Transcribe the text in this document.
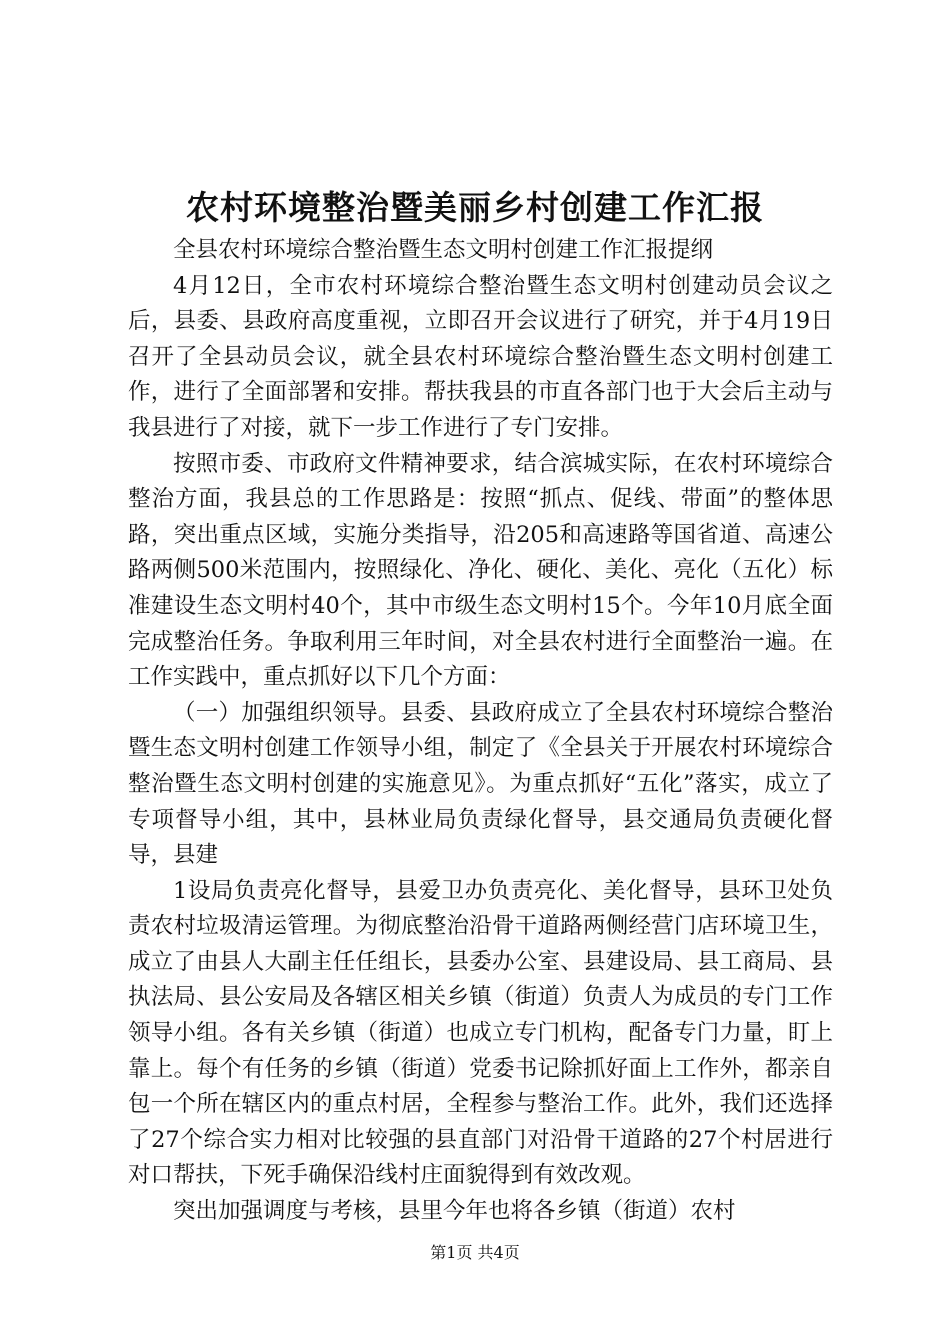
农村环境整治暨美丽乡村创建工作汇报

全县农村环境综合整治暨生态文明村创建工作汇报提纲

4月12日，全市农村环境综合整治暨生态文明村创建动员会议之后，县委、县政府高度重视，立即召开会议进行了研究，并于4月19日召开了全县动员会议，就全县农村环境综合整治暨生态文明村创建工作，进行了全面部署和安排。帮扶我县的市直各部门也于大会后主动与我县进行了对接，就下一步工作进行了专门安排。

按照市委、市政府文件精神要求，结合滨城实际，在农村环境综合整治方面，我县总的工作思路是：按照“抓点、促线、带面”的整体思路，突出重点区域，实施分类指导，沿205和高速路等国省道、高速公路两侧500米范围内，按照绿化、净化、硬化、美化、亮化（五化）标准建设生态文明村40个，其中市级生态文明村15个。今年10月底全面完成整治任务。争取利用三年时间，对全县农村进行全面整治一遍。在工作实践中，重点抓好以下几个方面：

（一）加强组织领导。县委、县政府成立了全县农村环境综合整治暨生态文明村创建工作领导小组，制定了《全县关于开展农村环境综合整治暨生态文明村创建的实施意见》。为重点抓好“五化”落实，成立了专项督导小组，其中，县林业局负责绿化督导，县交通局负责硬化督导，县建

1设局负责亮化督导，县爱卫办负责亮化、美化督导，县环卫处负责农村垃圾清运管理。为彻底整治沿骨干道路两侧经营门店环境卫生，成立了由县人大副主任任组长，县委办公室、县建设局、县工商局、县执法局、县公安局及各辖区相关乡镇（街道）负责人为成员的专门工作领导小组。各有关乡镇（街道）也成立专门机构，配备专门力量，盯上靠上。每个有任务的乡镇（街道）党委书记除抓好面上工作外，都亲自包一个所在辖区内的重点村居，全程参与整治工作。此外，我们还选择了27个综合实力相对比较强的县直部门对沿骨干道路的27个村居进行对口帮扶，下死手确保沿线村庄面貌得到有效改观。

突出加强调度与考核，县里今年也将各乡镇（街道）农村

第1页 共4页
